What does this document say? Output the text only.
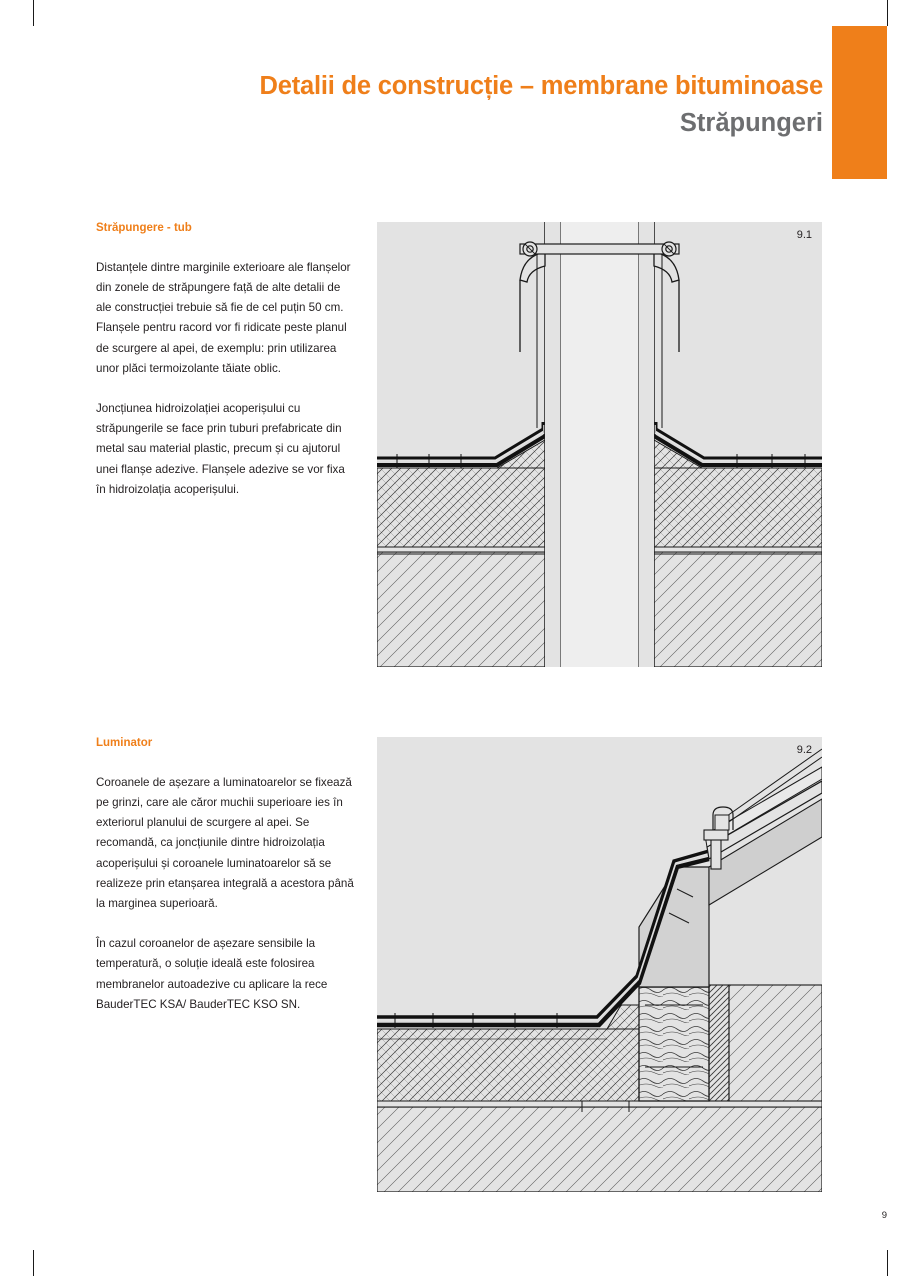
Detalii de construcție – membrane bituminoase
Străpungeri
Străpungere - tub

Distanțele dintre marginile exterioare ale flanșelor din zonele de străpungere față de alte detalii de ale construcției trebuie să fie de cel puțin 50 cm. Flanșele pentru racord vor fi ridicate peste planul de scurgere al apei, de exemplu: prin utilizarea unor plăci termoizolante tăiate oblic.

Joncțiunea hidroizolației acoperișului cu străpungerile se face prin tuburi prefabricate din metal sau material plastic, precum și cu ajutorul unei flanșe adezive. Flanșele adezive se vor fixa în hidroizolația acoperișului.

9.1
Luminator

Coroanele de așezare a luminatoarelor se fixează pe grinzi, care ale căror muchii superioare ies în exteriorul planului de scurgere al apei. Se recomandă, ca joncțiunile dintre hidroizolația acoperișului și coroanele luminatoarelor să se realizeze prin etanșarea integrală a acestora până la marginea superioară.

În cazul coroanelor de așezare sensibile la temperatură, o soluție ideală este folosirea membranelor autoadezive cu aplicare la rece BauderTEC KSA/ BauderTEC KSO SN.

9.2
9
